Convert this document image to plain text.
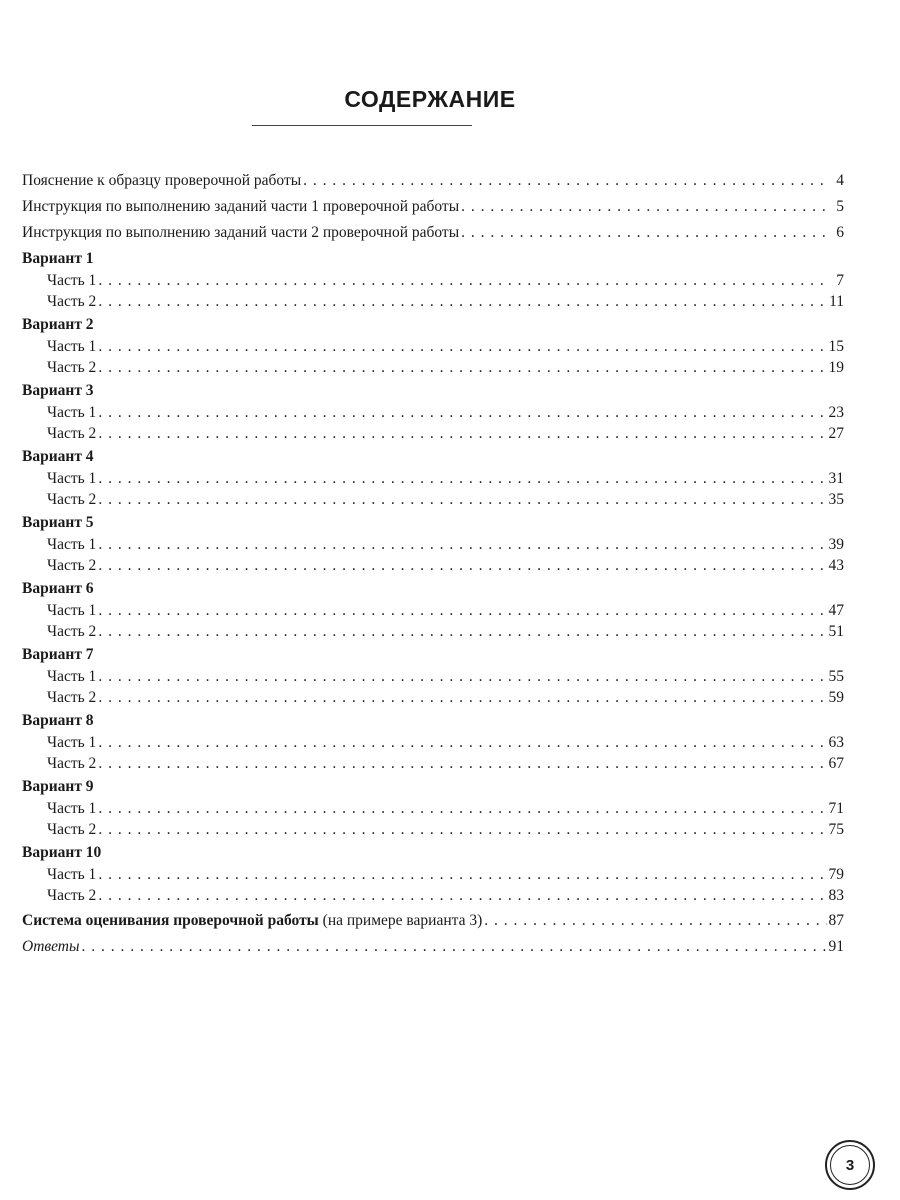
СОДЕРЖАНИЕ
Пояснение к образцу проверочной работы . . .	4
Инструкция по выполнению заданий части 1 проверочной работы . . .	5
Инструкция по выполнению заданий части 2 проверочной работы . . .	6
Вариант 1
Часть 1 . . .	7
Часть 2 . . .	11
Вариант 2
Часть 1 . . .	15
Часть 2 . . .	19
Вариант 3
Часть 1 . . .	23
Часть 2 . . .	27
Вариант 4
Часть 1 . . .	31
Часть 2 . . .	35
Вариант 5
Часть 1 . . .	39
Часть 2 . . .	43
Вариант 6
Часть 1 . . .	47
Часть 2 . . .	51
Вариант 7
Часть 1 . . .	55
Часть 2 . . .	59
Вариант 8
Часть 1 . . .	63
Часть 2 . . .	67
Вариант 9
Часть 1 . . .	71
Часть 2 . . .	75
Вариант 10
Часть 1 . . .	79
Часть 2 . . .	83
Система оценивания проверочной работы (на примере варианта 3) . . .	87
Ответы . . .	91
3
